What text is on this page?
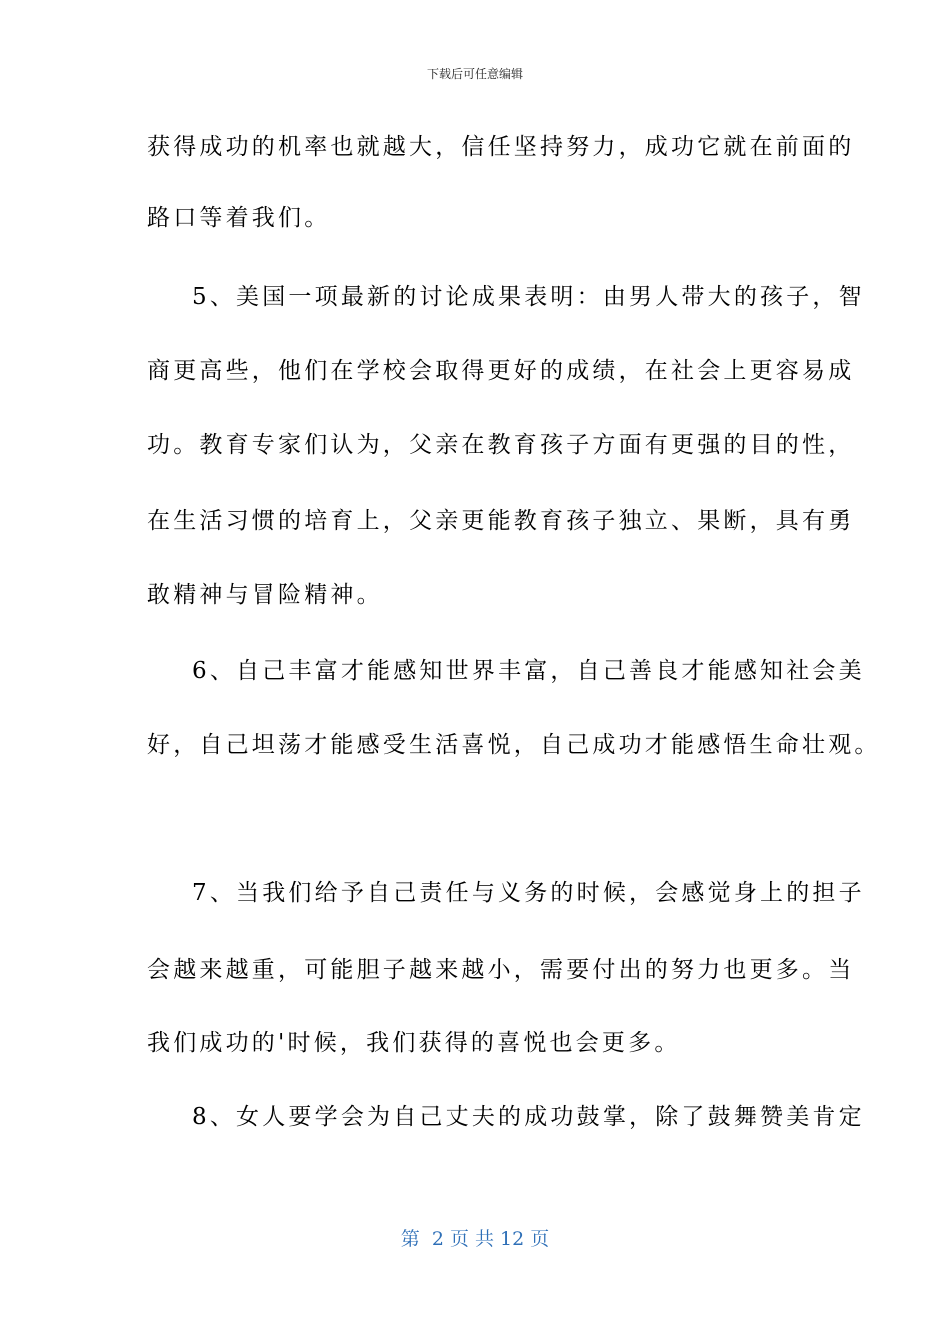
下载后可任意编辑
获得成功的机率也就越大，信任坚持努力，成功它就在前面的
路口等着我们。
5、美国一项最新的讨论成果表明：由男人带大的孩子，智
商更高些，他们在学校会取得更好的成绩，在社会上更容易成
功。教育专家们认为，父亲在教育孩子方面有更强的目的性，
在生活习惯的培育上，父亲更能教育孩子独立、果断，具有勇
敢精神与冒险精神。
6、自己丰富才能感知世界丰富，自己善良才能感知社会美
好，自己坦荡才能感受生活喜悦，自己成功才能感悟生命壮观。
7、当我们给予自己责任与义务的时候，会感觉身上的担子
会越来越重，可能胆子越来越小，需要付出的努力也更多。当
我们成功的'时候，我们获得的喜悦也会更多。
8、女人要学会为自己丈夫的成功鼓掌，除了鼓舞赞美肯定
第  2 页 共 12 页
